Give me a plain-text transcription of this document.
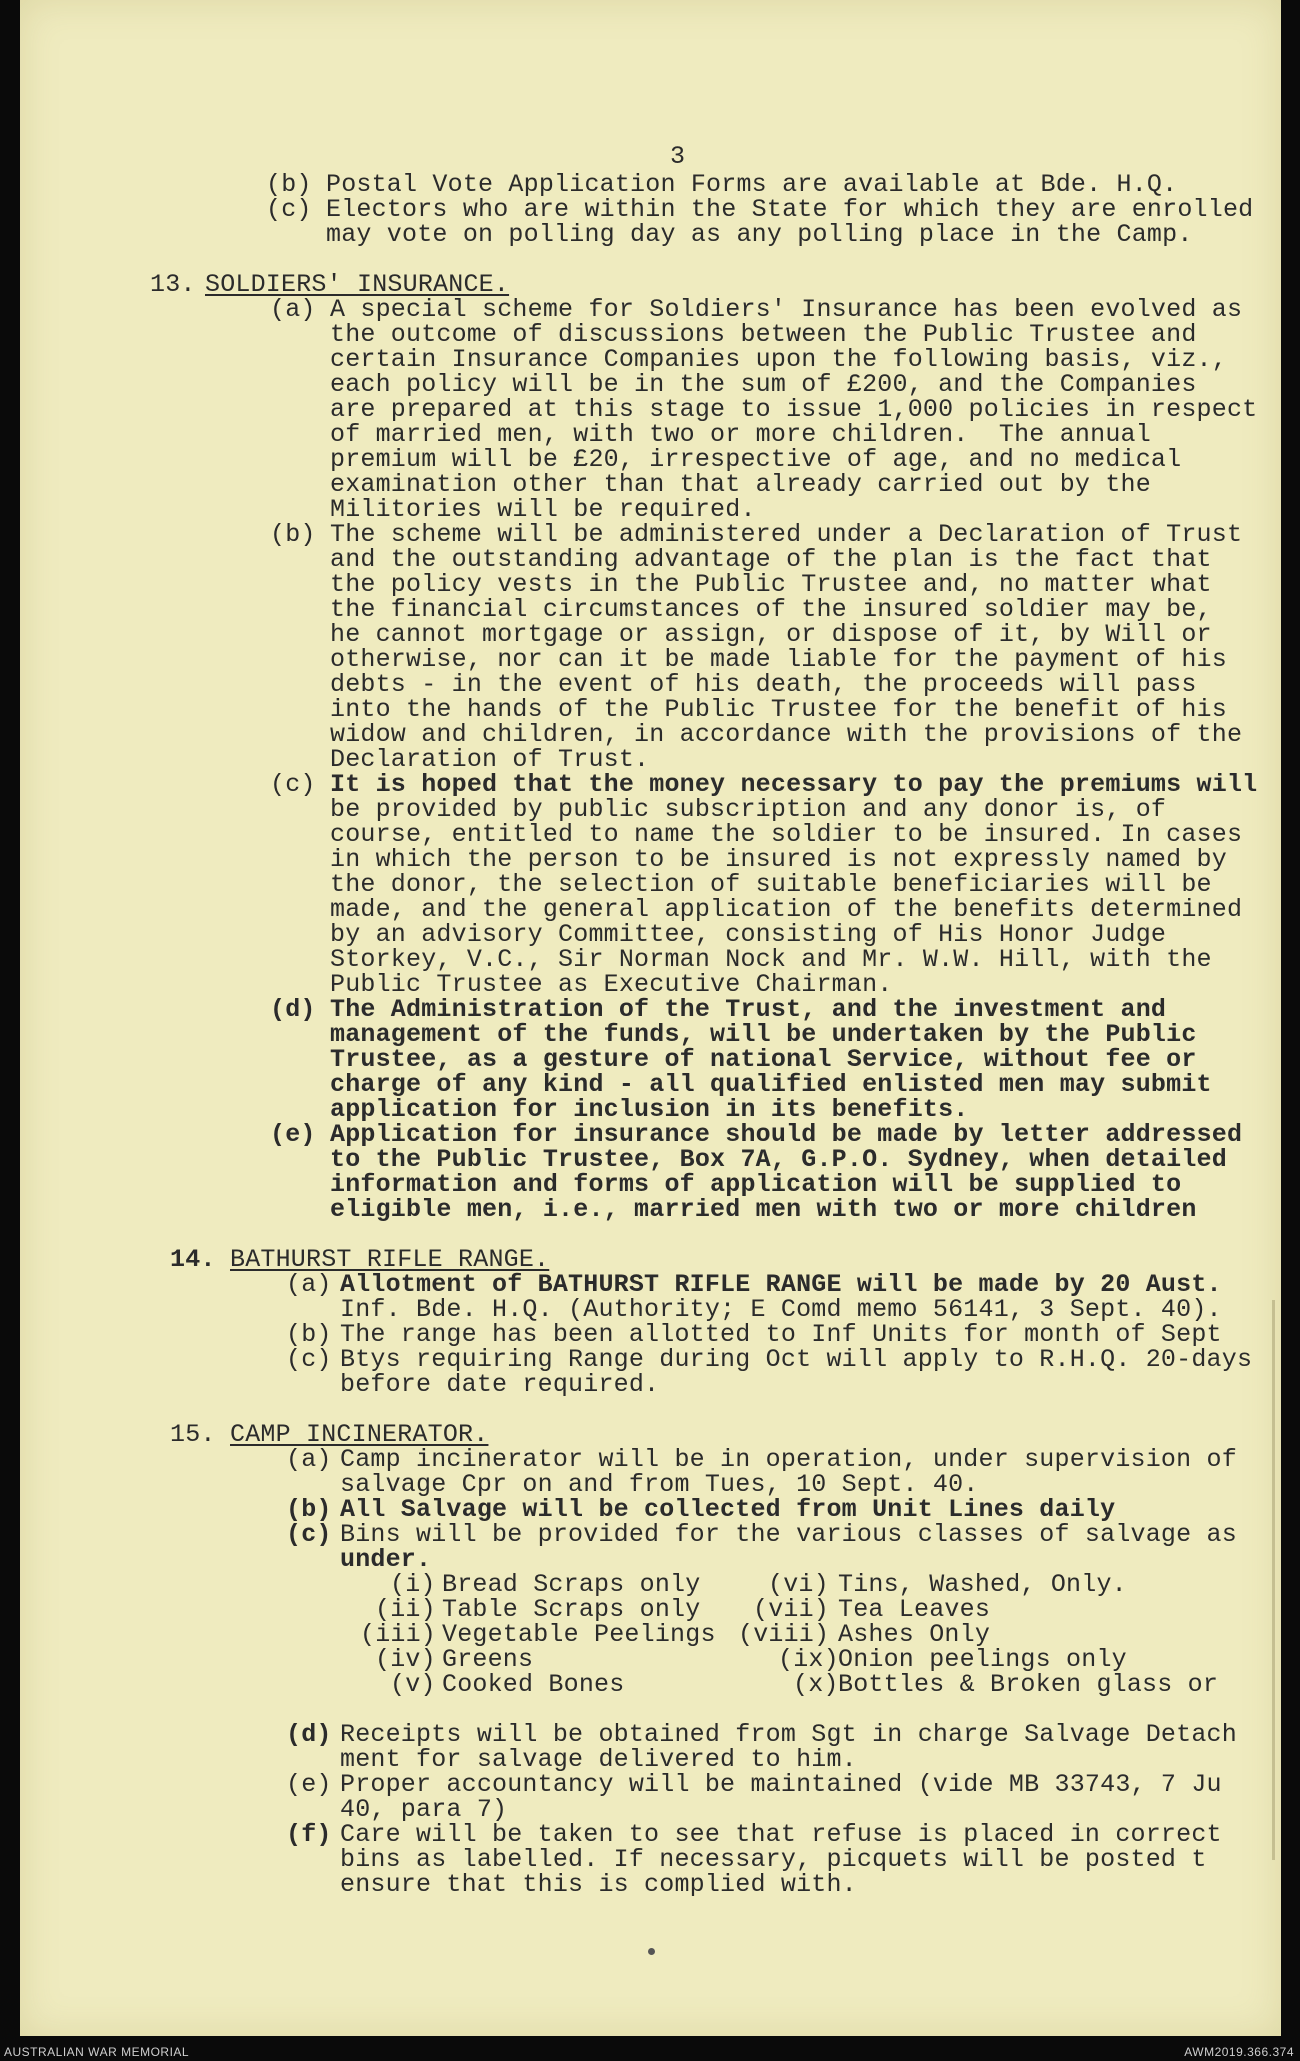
3
(b) Postal Vote Application Forms are available at Bde. H.Q.
(c) Electors who are within the State for which they are enrolled
may vote on polling day as any polling place in the Camp.
13. SOLDIERS' INSURANCE.
(a) A special scheme for Soldiers' Insurance has been evolved as
the outcome of discussions between the Public Trustee and
certain Insurance Companies upon the following basis, viz.,
each policy will be in the sum of £200, and the Companies
are prepared at this stage to issue 1,000 policies in respect
of married men, with two or more children.  The annual
premium will be £20, irrespective of age, and no medical
examination other than that already carried out by the
Militories will be required.
(b) The scheme will be administered under a Declaration of Trust
and the outstanding advantage of the plan is the fact that
the policy vests in the Public Trustee and, no matter what
the financial circumstances of the insured soldier may be,
he cannot mortgage or assign, or dispose of it, by Will or
otherwise, nor can it be made liable for the payment of his
debts - in the event of his death, the proceeds will pass
into the hands of the Public Trustee for the benefit of his
widow and children, in accordance with the provisions of the
Declaration of Trust.
(c) It is hoped that the money necessary to pay the premiums will
be provided by public subscription and any donor is, of
course, entitled to name the soldier to be insured. In cases
in which the person to be insured is not expressly named by
the donor, the selection of suitable beneficiaries will be
made, and the general application of the benefits determined
by an advisory Committee, consisting of His Honor Judge
Storkey, V.C., Sir Norman Nock and Mr. W.W. Hill, with the
Public Trustee as Executive Chairman.
(d) The Administration of the Trust, and the investment and
management of the funds, will be undertaken by the Public
Trustee, as a gesture of national Service, without fee or
charge of any kind - all qualified enlisted men may submit
application for inclusion in its benefits.
(e) Application for insurance should be made by letter addressed
to the Public Trustee, Box 7A, G.P.O. Sydney, when detailed
information and forms of application will be supplied to
eligible men, i.e., married men with two or more children
14. BATHURST RIFLE RANGE.
(a) Allotment of BATHURST RIFLE RANGE will be made by 20 Aust.
Inf. Bde. H.Q. (Authority; E Comd memo 56141, 3 Sept. 40).
(b) The range has been allotted to Inf Units for month of Sept
(c) Btys requiring Range during Oct will apply to R.H.Q. 20-days
before date required.
15. CAMP INCINERATOR.
(a) Camp incinerator will be in operation, under supervision of
salvage Cpr on and from Tues, 10 Sept. 40.
(b) All Salvage will be collected from Unit Lines daily
(c) Bins will be provided for the various classes of salvage as
under.
(i) Bread Scraps only	(vi) Tins, Washed, Only.
(ii) Table Scraps only (vii) Tea Leaves
(iii) Vegetable Peelings (viii) Ashes Only
(iv) Greens	(ix) Onion peelings only
(v) Cooked Bones	(x) Bottles & Broken glass or
(d) Receipts will be obtained from Sgt in charge Salvage Detach
ment for salvage delivered to him.
(e) Proper accountancy will be maintained (vide MB 33743, 7 Ju
40, para 7)
(f) Care will be taken to see that refuse is placed in correct
bins as labelled. If necessary, picquets will be posted t
ensure that this is complied with.
AUSTRALIAN WAR MEMORIAL	AWM2019.366.374
